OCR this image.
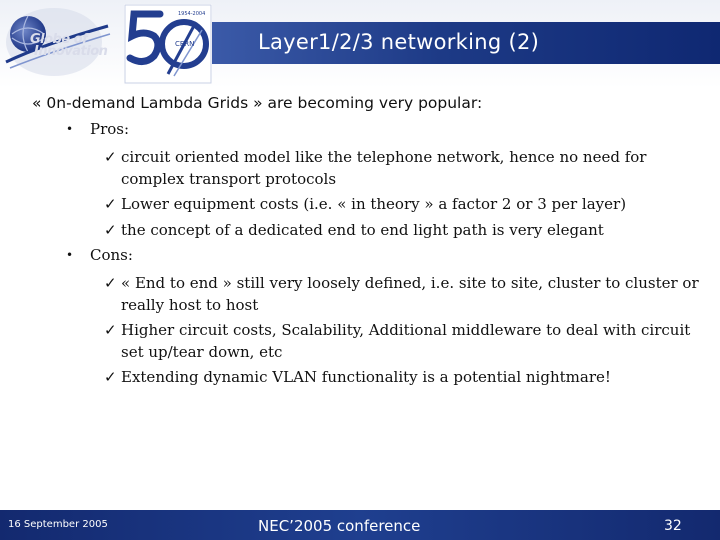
Globe of
Innovation
1954-2004
CERN	Layer1/2/3 networking (2)
« 0n-demand Lambda Grids » are becoming very popular:
• Pros:
✓ circuit oriented model like the telephone network, hence no need for complex transport protocols
✓ Lower equipment costs (i.e. « in theory » a factor 2 or 3 per layer)
✓ the concept of a dedicated end to end light path is very elegant
• Cons:
✓ « End to end » still very loosely defined, i.e. site to site, cluster to cluster or really host to host
✓ Higher circuit costs, Scalability, Additional middleware to deal with circuit set up/tear down, etc
✓ Extending dynamic VLAN functionality is a potential nightmare!
16 September 2005	NEC’2005 conference	32
